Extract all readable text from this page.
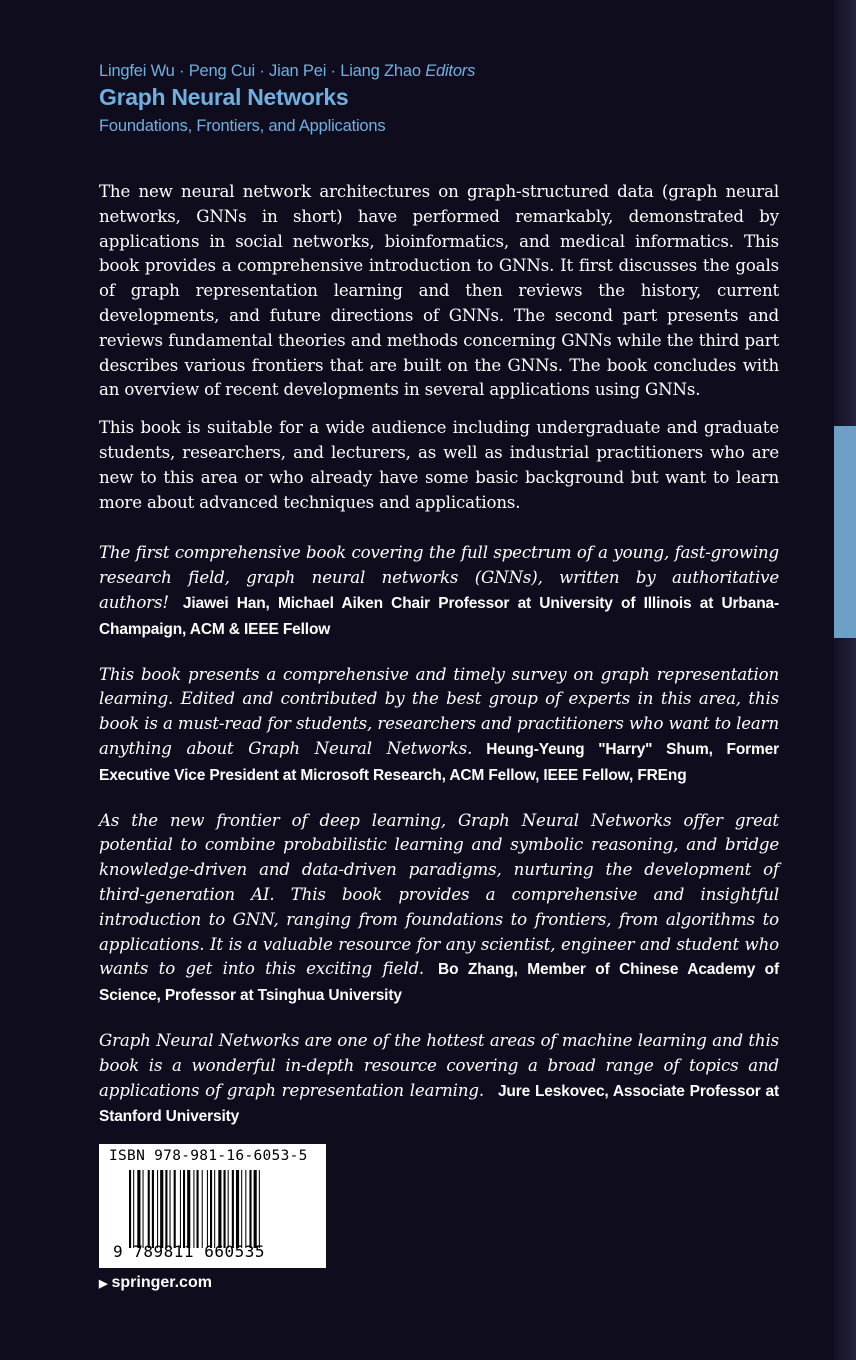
Lingfei Wu · Peng Cui · Jian Pei · Liang Zhao Editors
Graph Neural Networks
Foundations, Frontiers, and Applications

The new neural network architectures on graph-structured data (graph neural networks, GNNs in short) have performed remarkably, demonstrated by applications in social networks, bioinformatics, and medical informatics. This book provides a comprehensive introduction to GNNs. It first discusses the goals of graph representation learning and then reviews the history, current developments, and future directions of GNNs. The second part presents and reviews fundamental theories and methods concerning GNNs while the third part describes various frontiers that are built on the GNNs. The book concludes with an overview of recent developments in several applications using GNNs.

This book is suitable for a wide audience including undergraduate and graduate students, researchers, and lecturers, as well as industrial practitioners who are new to this area or who already have some basic background but want to learn more about advanced techniques and applications.

The first comprehensive book covering the full spectrum of a young, fast-growing research field, graph neural networks (GNNs), written by authoritative authors! Jiawei Han, Michael Aiken Chair Professor at University of Illinois at Urbana-Champaign, ACM & IEEE Fellow

This book presents a comprehensive and timely survey on graph representation learning. Edited and contributed by the best group of experts in this area, this book is a must-read for students, researchers and practitioners who want to learn anything about Graph Neural Networks. Heung-Yeung "Harry" Shum, Former Executive Vice President at Microsoft Research, ACM Fellow, IEEE Fellow, FREng

As the new frontier of deep learning, Graph Neural Networks offer great potential to combine probabilistic learning and symbolic reasoning, and bridge knowledge-driven and data-driven paradigms, nurturing the development of third-generation AI. This book provides a comprehensive and insightful introduction to GNN, ranging from foundations to frontiers, from algorithms to applications. It is a valuable resource for any scientist, engineer and student who wants to get into this exciting field. Bo Zhang, Member of Chinese Academy of Science, Professor at Tsinghua University

Graph Neural Networks are one of the hottest areas of machine learning and this book is a wonderful in-depth resource covering a broad range of topics and applications of graph representation learning. Jure Leskovec, Associate Professor at Stanford University

ISBN 978-981-16-6053-5
9 789811 660535
▶ springer.com
